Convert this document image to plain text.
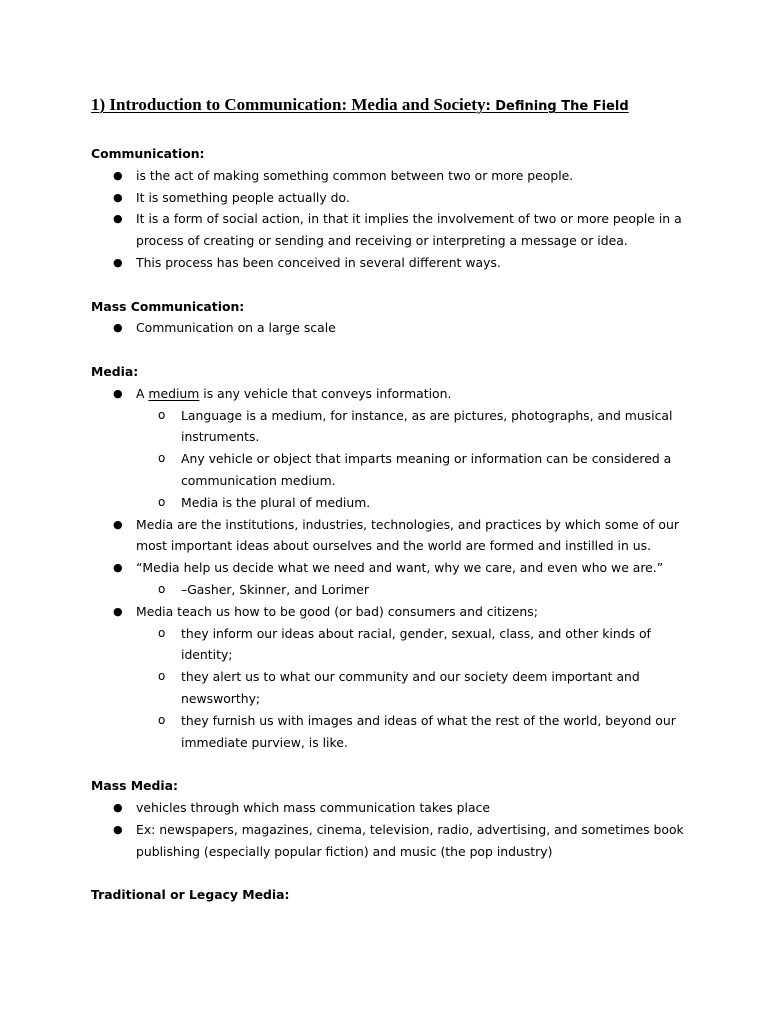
1) Introduction to Communication: Media and Society: Defining The Field
Communication:
● is the act of making something common between two or more people.
● It is something people actually do.
● It is a form of social action, in that it implies the involvement of two or more people in a process of creating or sending and receiving or interpreting a message or idea.
● This process has been conceived in several different ways.
Mass Communication:
● Communication on a large scale
Media:
● A medium is any vehicle that conveys information.
o Language is a medium, for instance, as are pictures, photographs, and musical instruments.
o Any vehicle or object that imparts meaning or information can be considered a communication medium.
o Media is the plural of medium.
● Media are the institutions, industries, technologies, and practices by which some of our most important ideas about ourselves and the world are formed and instilled in us.
● “Media help us decide what we need and want, why we care, and even who we are.”
o –Gasher, Skinner, and Lorimer
● Media teach us how to be good (or bad) consumers and citizens;
o they inform our ideas about racial, gender, sexual, class, and other kinds of identity;
o they alert us to what our community and our society deem important and newsworthy;
o they furnish us with images and ideas of what the rest of the world, beyond our immediate purview, is like.
Mass Media:
● vehicles through which mass communication takes place
● Ex: newspapers, magazines, cinema, television, radio, advertising, and sometimes book publishing (especially popular fiction) and music (the pop industry)
Traditional or Legacy Media:
